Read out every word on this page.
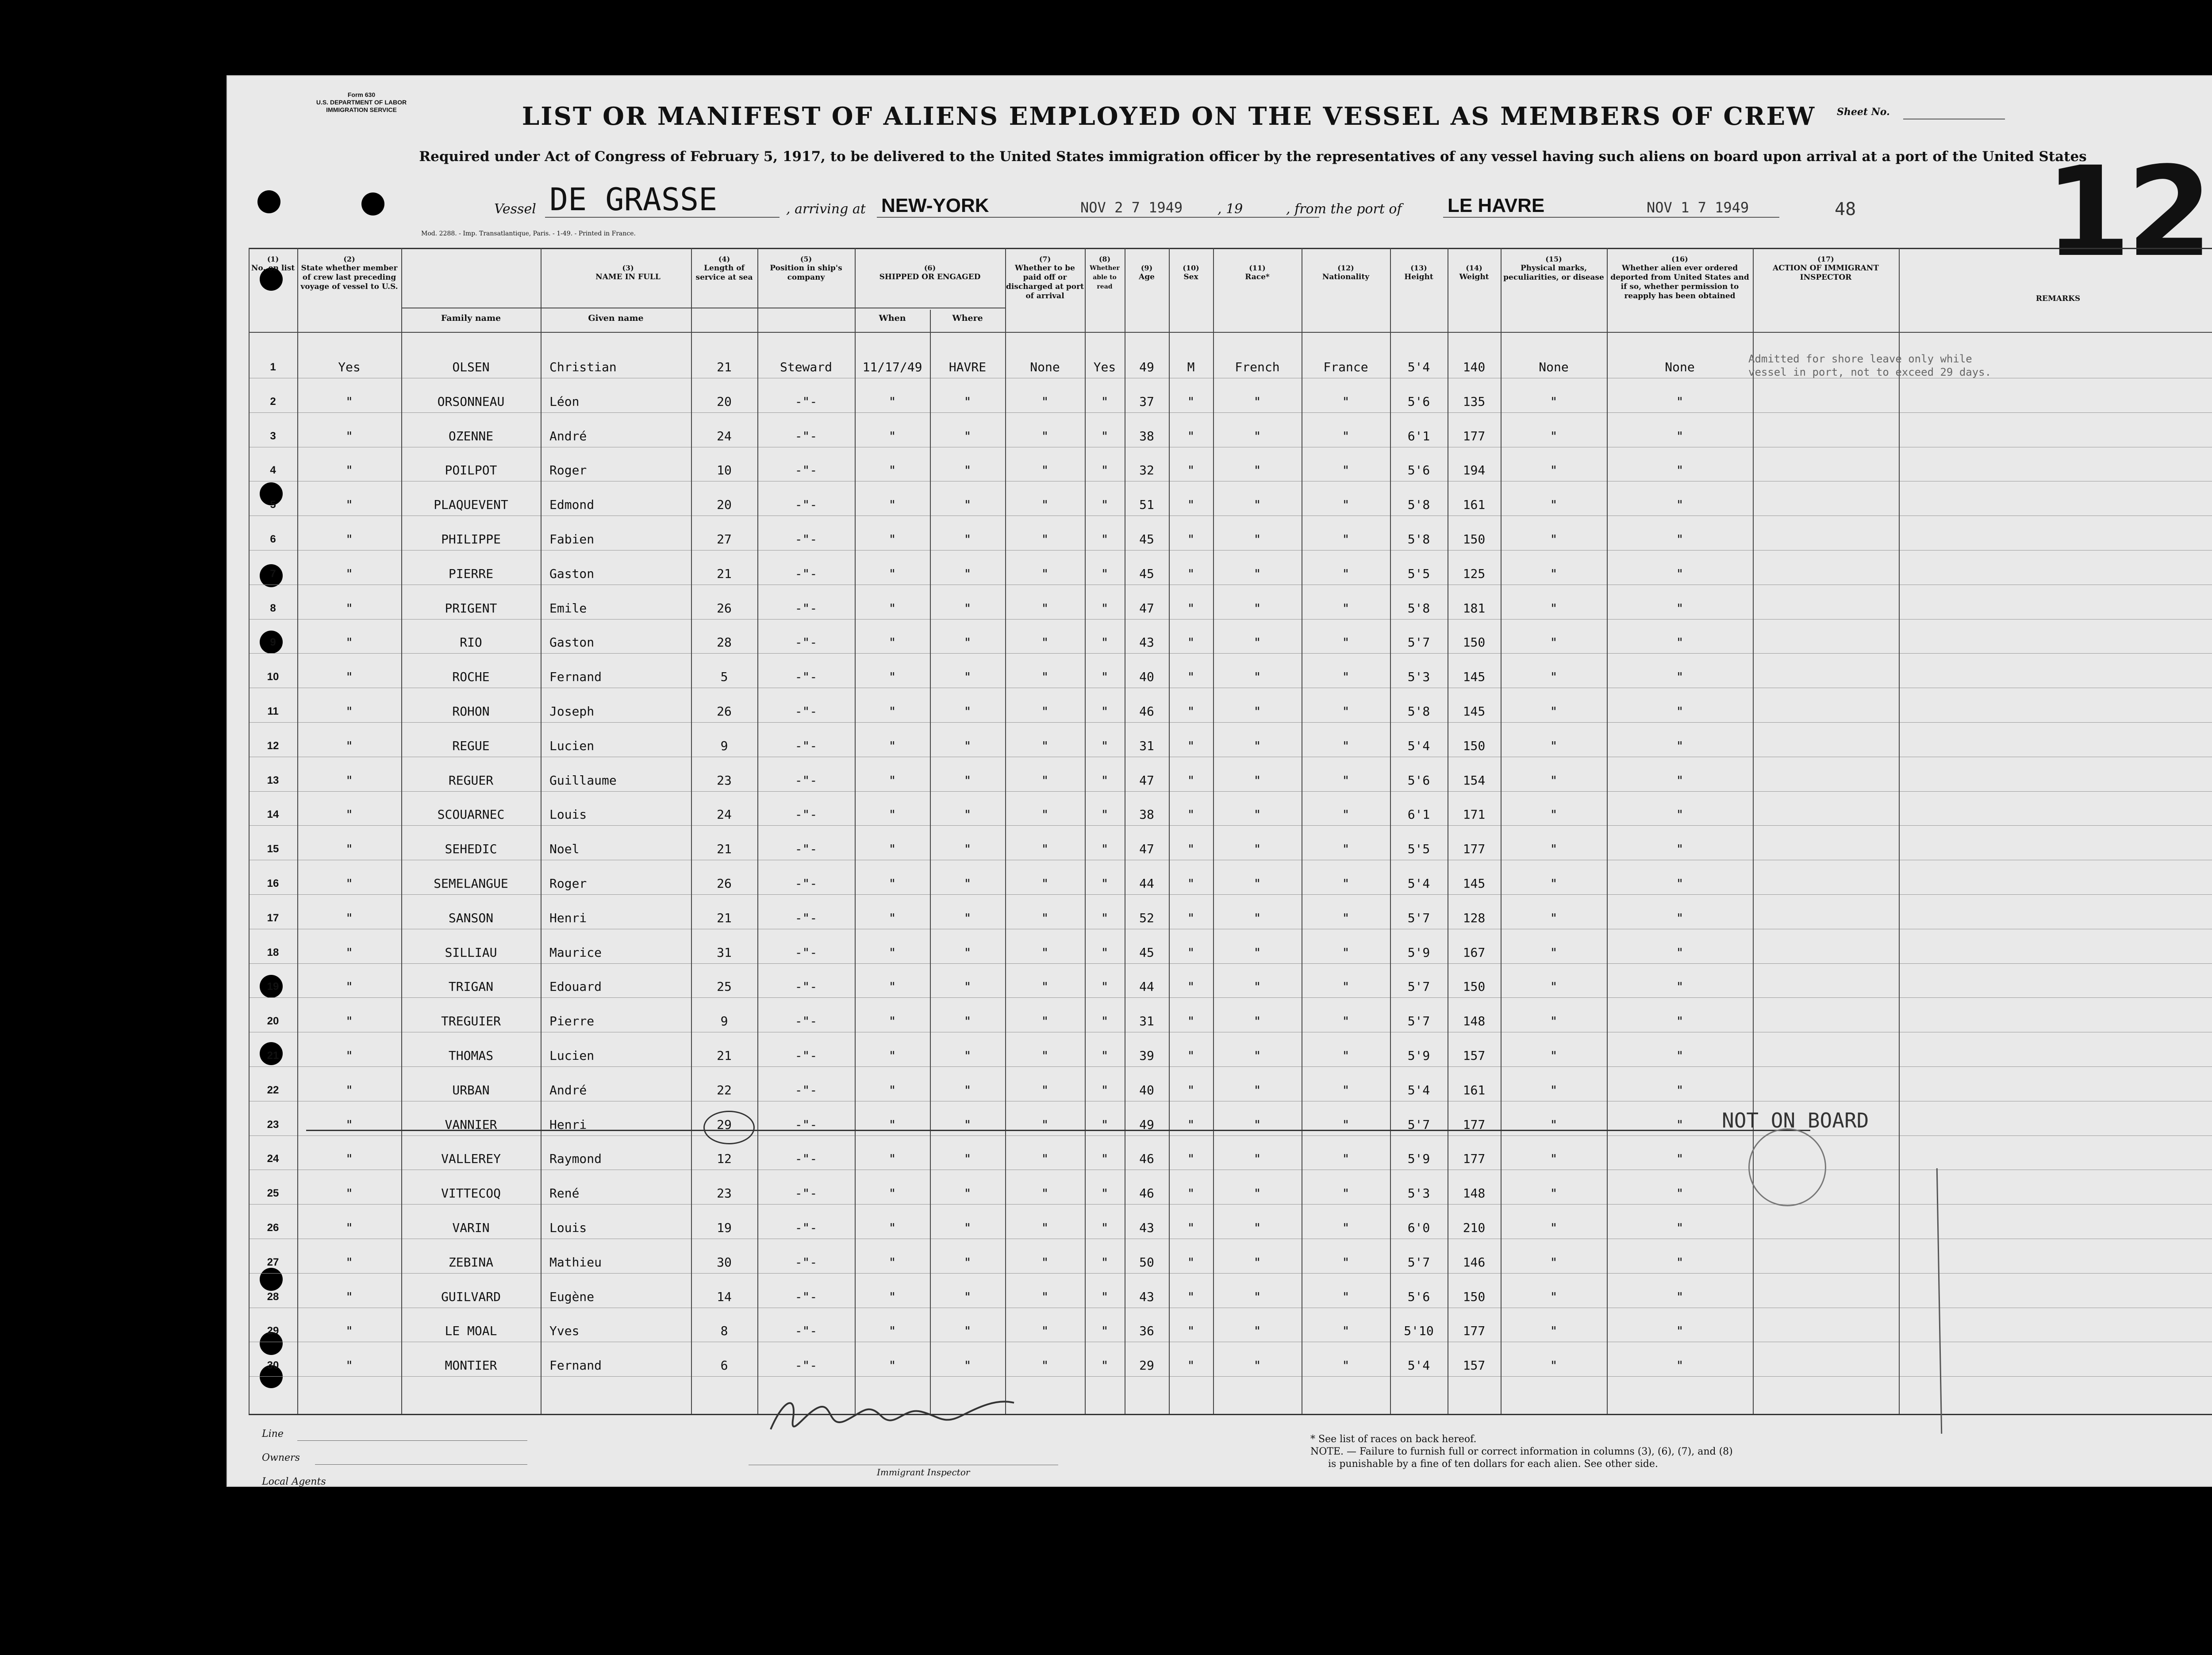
Form 630
U.S. DEPARTMENT OF LABOR
IMMIGRATION SERVICE	LIST OR MANIFEST OF ALIENS EMPLOYED ON THE VESSEL AS MEMBERS OF CREW	Sheet No.
Required under Act of Congress of February 5, 1917, to be delivered to the United States immigration officer by the representatives of any vessel having such aliens on board upon arrival at a port of the United States
12
Vessel DE GRASSE	, arriving at NEW-YORK	NOV 2 7 1949	, 19	, from the port of LE HAVRE	NOV 1 7 1949	48
Mod. 2288. - Imp. Transatlantique, Paris. - 1-49. - Printed in France.
(1)
No. on list
(2)
State whether member of crew last preceding voyage of vessel to U.S.
(3)
NAME IN FULL
Family name	Given name
(4)
Length of service at sea
(5)
Position in ship's company
(6)
SHIPPED OR ENGAGED
When	Where
(7)
Whether to be paid off or discharged at port of arrival
(8)
Whether able to read
(9)
Age
(10)
Sex
(11)
Race*
(12)
Nationality
(13)
Height
(14)
Weight
(15)
Physical marks, peculiarities, or disease
(16)
Whether alien ever ordered deported from United States and if so, whether permission to reapply has been obtained
(17)
ACTION OF IMMIGRANT INSPECTOR
REMARKS
1	Yes	OLSEN	Christian	21	Steward	11/17/49	HAVRE	None	Yes	49	M	French	France	5'4	140	None	None
2	"	ORSONNEAU	Léon	20	-"-	"	"	"	"	37	"	"	"	5'6	135	"	"
3	"	OZENNE	André	24	-"-	"	"	"	"	38	"	"	"	6'1	177	"	"
4	"	POILPOT	Roger	10	-"-	"	"	"	"	32	"	"	"	5'6	194	"	"
5	"	PLAQUEVENT	Edmond	20	-"-	"	"	"	"	51	"	"	"	5'8	161	"	"
6	"	PHILIPPE	Fabien	27	-"-	"	"	"	"	45	"	"	"	5'8	150	"	"
7	"	PIERRE	Gaston	21	-"-	"	"	"	"	45	"	"	"	5'5	125	"	"
8	"	PRIGENT	Emile	26	-"-	"	"	"	"	47	"	"	"	5'8	181	"	"
9	"	RIO	Gaston	28	-"-	"	"	"	"	43	"	"	"	5'7	150	"	"
10	"	ROCHE	Fernand	5	-"-	"	"	"	"	40	"	"	"	5'3	145	"	"
11	"	ROHON	Joseph	26	-"-	"	"	"	"	46	"	"	"	5'8	145	"	"
12	"	REGUE	Lucien	9	-"-	"	"	"	"	31	"	"	"	5'4	150	"	"
13	"	REGUER	Guillaume	23	-"-	"	"	"	"	47	"	"	"	5'6	154	"	"
14	"	SCOUARNEC	Louis	24	-"-	"	"	"	"	38	"	"	"	6'1	171	"	"
15	"	SEHEDIC	Noel	21	-"-	"	"	"	"	47	"	"	"	5'5	177	"	"
16	"	SEMELANGUE	Roger	26	-"-	"	"	"	"	44	"	"	"	5'4	145	"	"
17	"	SANSON	Henri	21	-"-	"	"	"	"	52	"	"	"	5'7	128	"	"
18	"	SILLIAU	Maurice	31	-"-	"	"	"	"	45	"	"	"	5'9	167	"	"
19	"	TRIGAN	Edouard	25	-"-	"	"	"	"	44	"	"	"	5'7	150	"	"
20	"	TREGUIER	Pierre	9	-"-	"	"	"	"	31	"	"	"	5'7	148	"	"
21	"	THOMAS	Lucien	21	-"-	"	"	"	"	39	"	"	"	5'9	157	"	"
22	"	URBAN	André	22	-"-	"	"	"	"	40	"	"	"	5'4	161	"	"
23	"	VANNIER	Henri	29	-"-	"	"	"	"	49	"	"	"	5'7	177	"	"
24	"	VALLEREY	Raymond	12	-"-	"	"	"	"	46	"	"	"	5'9	177	"	"
25	"	VITTECOQ	René	23	-"-	"	"	"	"	46	"	"	"	5'3	148	"	"
26	"	VARIN	Louis	19	-"-	"	"	"	"	43	"	"	"	6'0	210	"	"
27	"	ZEBINA	Mathieu	30	-"-	"	"	"	"	50	"	"	"	5'7	146	"	"
28	"	GUILVARD	Eugène	14	-"-	"	"	"	"	43	"	"	"	5'6	150	"	"
29	"	LE MOAL	Yves	8	-"-	"	"	"	"	36	"	"	"	5'10	177	"	"
30	"	MONTIER	Fernand	6	-"-	"	"	"	"	29	"	"	"	5'4	157	"	"
Admitted for shore leave only while vessel in port, not to exceed 29 days.
NOT ON BOARD
Line
Owners
Local Agents
Immigrant Inspector
* See list of races on back hereof.
NOTE. — Failure to furnish full or correct information in columns (3), (6), (7), and (8)
is punishable by a fine of ten dollars for each alien. See other side.
